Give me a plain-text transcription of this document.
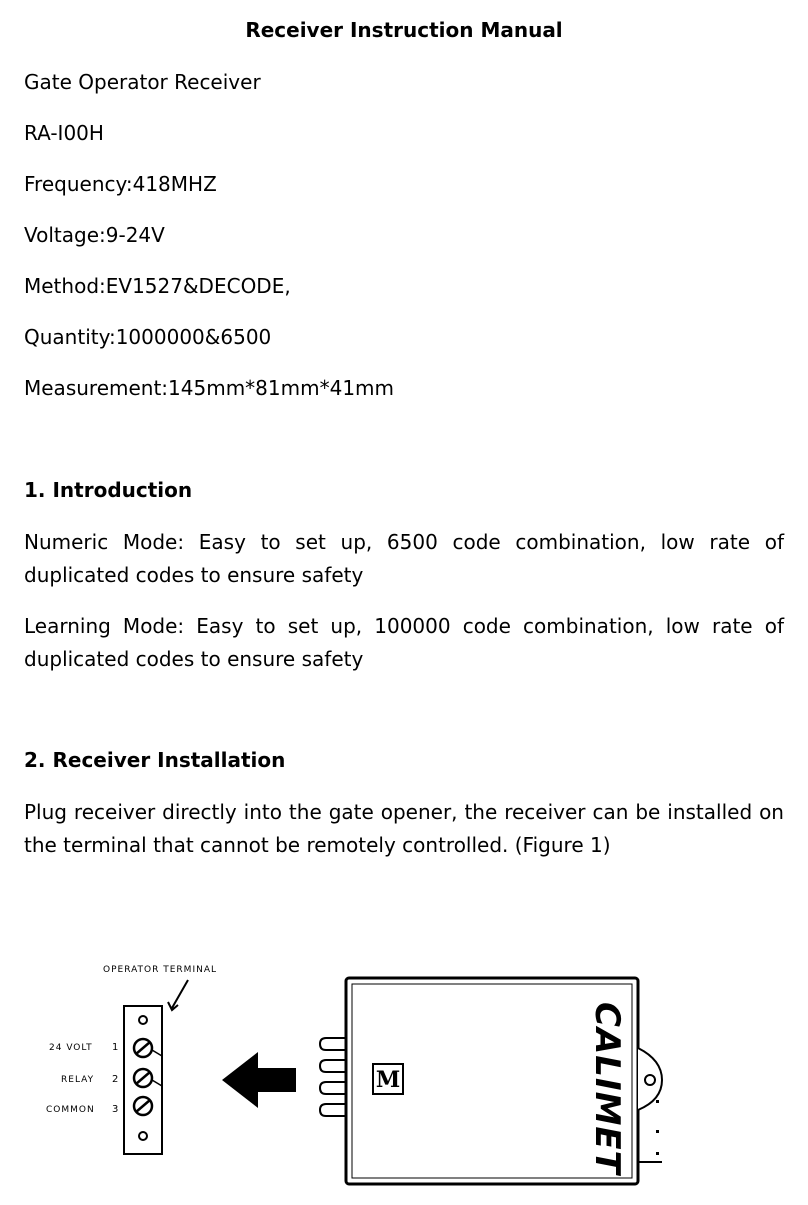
Receiver Instruction Manual
Gate Operator Receiver
RA-I00H
Frequency:418MHZ
Voltage:9-24V
Method:EV1527&DECODE,
Quantity:1000000&6500
Measurement:145mm*81mm*41mm
1. Introduction
Numeric Mode: Easy to set up, 6500 code combination, low rate of duplicated codes to ensure safety
Learning Mode: Easy to set up, 100000 code combination, low rate of duplicated codes to ensure safety
2. Receiver Installation
Plug receiver directly into the gate opener, the receiver can be installed on the terminal that cannot be remotely controlled. (Figure 1)
OPERATOR TERMINAL
24 VOLT 1
RELAY 2
COMMON 3
M	CALIMET
